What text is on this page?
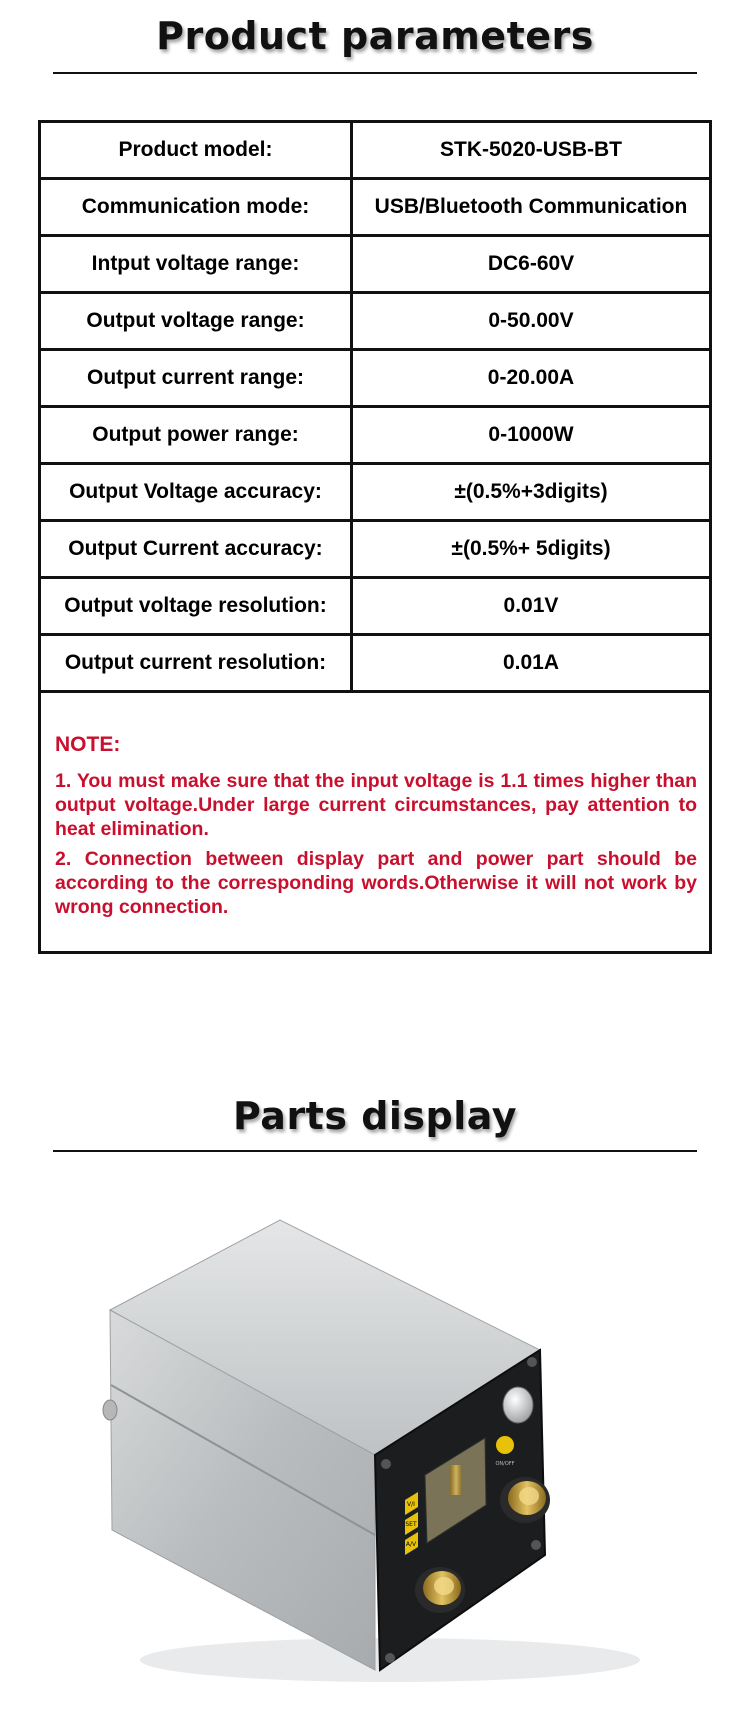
Product parameters
Product model:	STK-5020-USB-BT
Communication mode:	USB/Bluetooth Communication
Intput voltage range:	DC6-60V
Output voltage range:	0-50.00V
Output current range:	0-20.00A
Output power range:	0-1000W
Output Voltage accuracy:	±(0.5%+3digits)
Output Current accuracy:	±(0.5%+ 5digits)
Output voltage resolution:	0.01V
Output current resolution:	0.01A
NOTE:

1. You must make sure that the input voltage is 1.1 times higher than output voltage.Under large current circumstances, pay attention to heat elimination.

2. Connection between display part and power part should be according to the corresponding words.Otherwise it will not work by wrong connection.

Parts display
V/I
SET
A/V
ON/OFF
